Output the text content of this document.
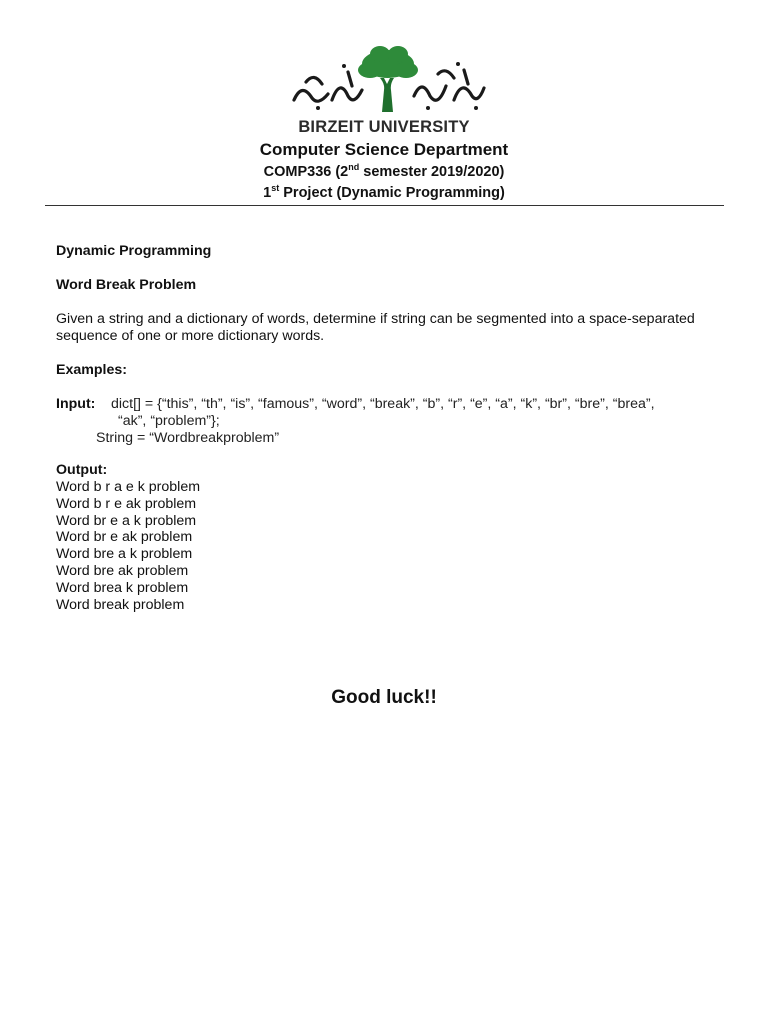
BIRZEIT UNIVERSITY
Computer Science Department
COMP336 (2nd semester 2019/2020)
1st Project (Dynamic Programming)
Dynamic Programming
Word Break Problem
Given a string and a dictionary of words, determine if string can be segmented into a space-separated sequence of one or more dictionary words.
Examples:
Input: dict[] = {“this”, “th”, “is”, “famous”, “word”, “break”, “b”, “r”, “e”, “a”, “k”, “br”, “bre”, “brea”,
“ak”, “problem”};
String = “Wordbreakproblem”
Output:
Word b r a e k problem
Word b r e ak problem
Word br e a k problem
Word br e ak problem
Word bre a k problem
Word bre ak problem
Word brea k problem
Word break problem
Good luck!!
